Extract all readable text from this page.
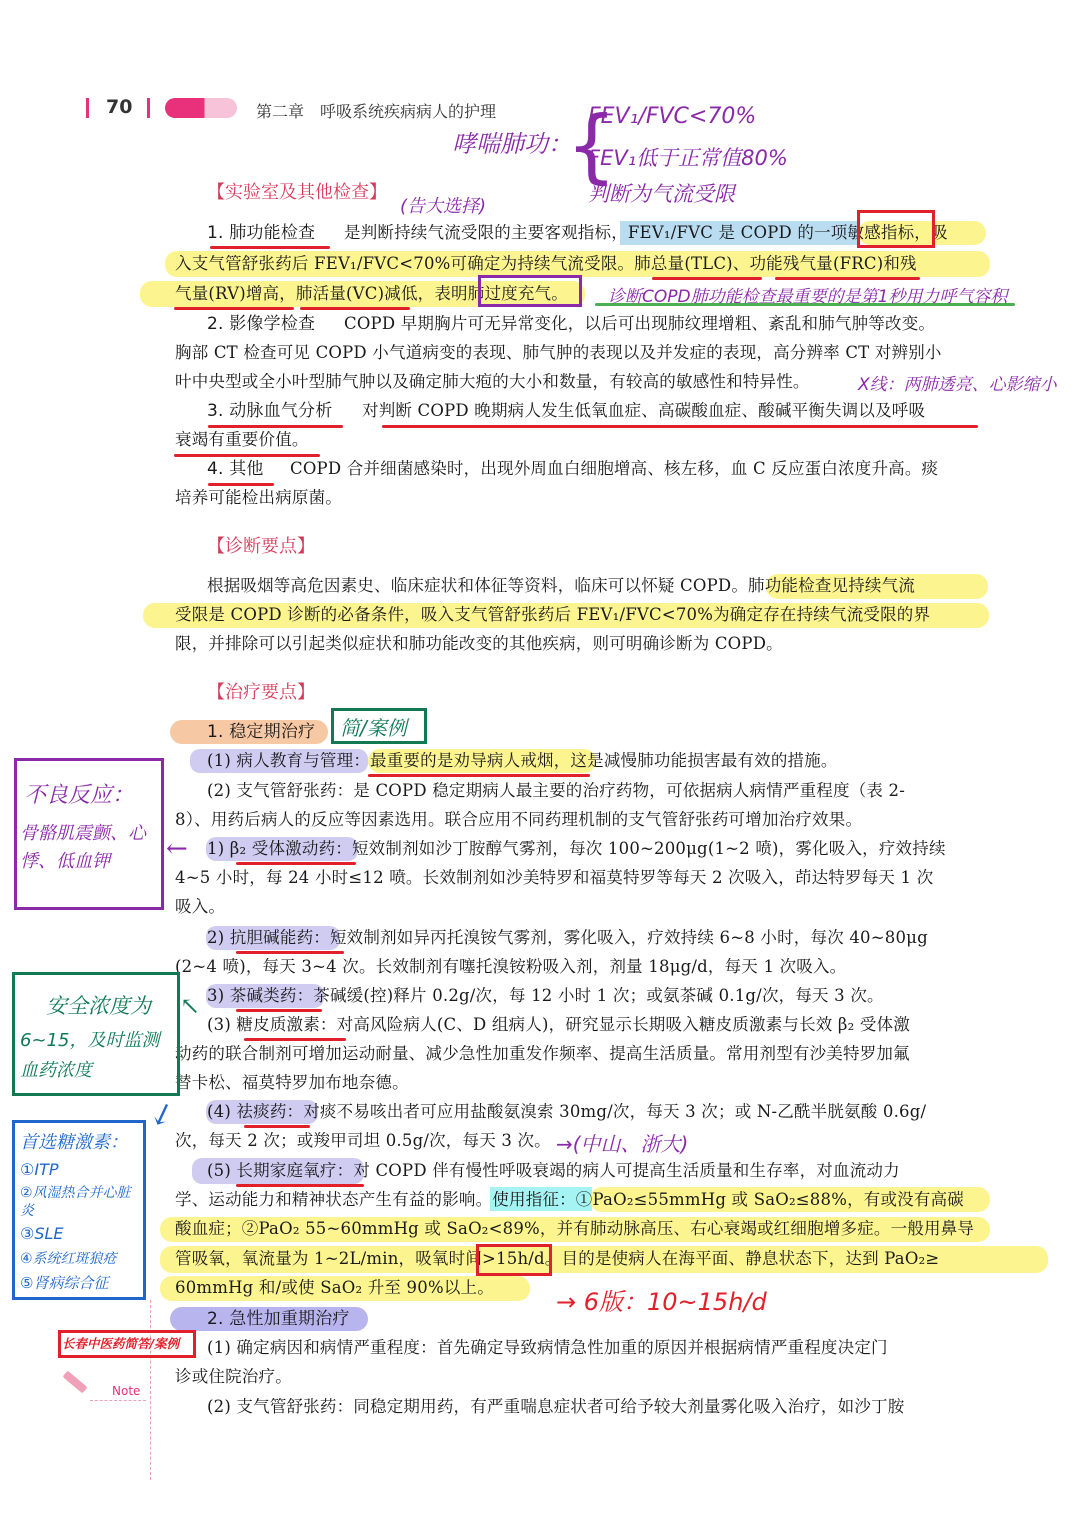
70	第二章　呼吸系统疾病病人的护理
哮喘肺功：
{
FEV₁/FVC<70%
FEV₁低于正常值80%
判断为气流受限
【实验室及其他检查】
(告大选择)
1. 肺功能检查 是判断持续气流受限的主要客观指标，FEV₁/FVC 是 COPD 的一项敏感指标，吸
入支气管舒张药后 FEV₁/FVC<70%可确定为持续气流受限。肺总量(TLC)、功能残气量(FRC)和残
气量(RV)增高，肺活量(VC)减低，表明肺过度充气。 诊断COPD肺功能检查最重要的是第1秒用力呼气容积
2. 影像学检查 COPD 早期胸片可无异常变化，以后可出现肺纹理增粗、紊乱和肺气肿等改变。
胸部 CT 检查可见 COPD 小气道病变的表现、肺气肿的表现以及并发症的表现，高分辨率 CT 对辨别小
叶中央型或全小叶型肺气肿以及确定肺大疱的大小和数量，有较高的敏感性和特异性。	X线：两肺透亮、心影缩小
3. 动脉血气分析 对判断 COPD 晚期病人发生低氧血症、高碳酸血症、酸碱平衡失调以及呼吸
衰竭有重要价值。
4. 其他 COPD 合并细菌感染时，出现外周血白细胞增高、核左移，血 C 反应蛋白浓度升高。痰
培养可能检出病原菌。
【诊断要点】
根据吸烟等高危因素史、临床症状和体征等资料，临床可以怀疑 COPD。肺功能检查见持续气流
受限是 COPD 诊断的必备条件，吸入支气管舒张药后 FEV₁/FVC<70%为确定存在持续气流受限的界
限，并排除可以引起类似症状和肺功能改变的其他疾病，则可明确诊断为 COPD。
【治疗要点】
1. 稳定期治疗 简/案例
(1) 病人教育与管理：最重要的是劝导病人戒烟，这是减慢肺功能损害最有效的措施。
(2) 支气管舒张药：是 COPD 稳定期病人最主要的治疗药物，可依据病人病情严重程度（表 2-
8）、用药后病人的反应等因素选用。联合应用不同药理机制的支气管舒张药可增加治疗效果。
1) β₂ 受体激动药：短效制剂如沙丁胺醇气雾剂，每次 100~200μg(1~2 喷)，雾化吸入，疗效持续
4~5 小时，每 24 小时≤12 喷。长效制剂如沙美特罗和福莫特罗等每天 2 次吸入，茚达特罗每天 1 次
吸入。
2) 抗胆碱能药：短效制剂如异丙托溴铵气雾剂，雾化吸入，疗效持续 6~8 小时，每次 40~80μg
(2~4 喷)，每天 3~4 次。长效制剂有噻托溴铵粉吸入剂，剂量 18μg/d，每天 1 次吸入。
3) 茶碱类药：茶碱缓(控)释片 0.2g/次，每 12 小时 1 次；或氨茶碱 0.1g/次，每天 3 次。
(3) 糖皮质激素：对高风险病人(C、D 组病人)，研究显示长期吸入糖皮质激素与长效 β₂ 受体激
动药的联合制剂可增加运动耐量、减少急性加重发作频率、提高生活质量。常用剂型有沙美特罗加氟
替卡松、福莫特罗加布地奈德。
(4) 祛痰药：对痰不易咳出者可应用盐酸氨溴索 30mg/次，每天 3 次；或 N-乙酰半胱氨酸 0.6g/
次，每天 2 次；或羧甲司坦 0.5g/次，每天 3 次。 →(中山、浙大)
(5) 长期家庭氧疗：对 COPD 伴有慢性呼吸衰竭的病人可提高生活质量和生存率，对血流动力
学、运动能力和精神状态产生有益的影响。使用指征：①PaO₂≤55mmHg 或 SaO₂≤88%，有或没有高碳
酸血症；②PaO₂ 55~60mmHg 或 SaO₂<89%，并有肺动脉高压、右心衰竭或红细胞增多症。一般用鼻导
管吸氧，氧流量为 1~2L/min，吸氧时间>15h/d。目的是使病人在海平面、静息状态下，达到 PaO₂≥
60mmHg 和/或使 SaO₂ 升至 90%以上。
→ 6版：10~15h/d
2. 急性加重期治疗
(1) 确定病因和病情严重程度：首先确定导致病情急性加重的原因并根据病情严重程度决定门
诊或住院治疗。
(2) 支气管舒张药：同稳定期用药，有严重喘息症状者可给予较大剂量雾化吸入治疗，如沙丁胺
不良反应：
骨骼肌震颤、心悸、低血钾	←
安全浓度为
6~15，及时监测血药浓度
↖
首选糖激素：
①ITP
②风湿热合并心脏炎
③SLE
④系统红斑狼疮
⑤肾病综合征
↙
长春中医药简答/案例
Note
